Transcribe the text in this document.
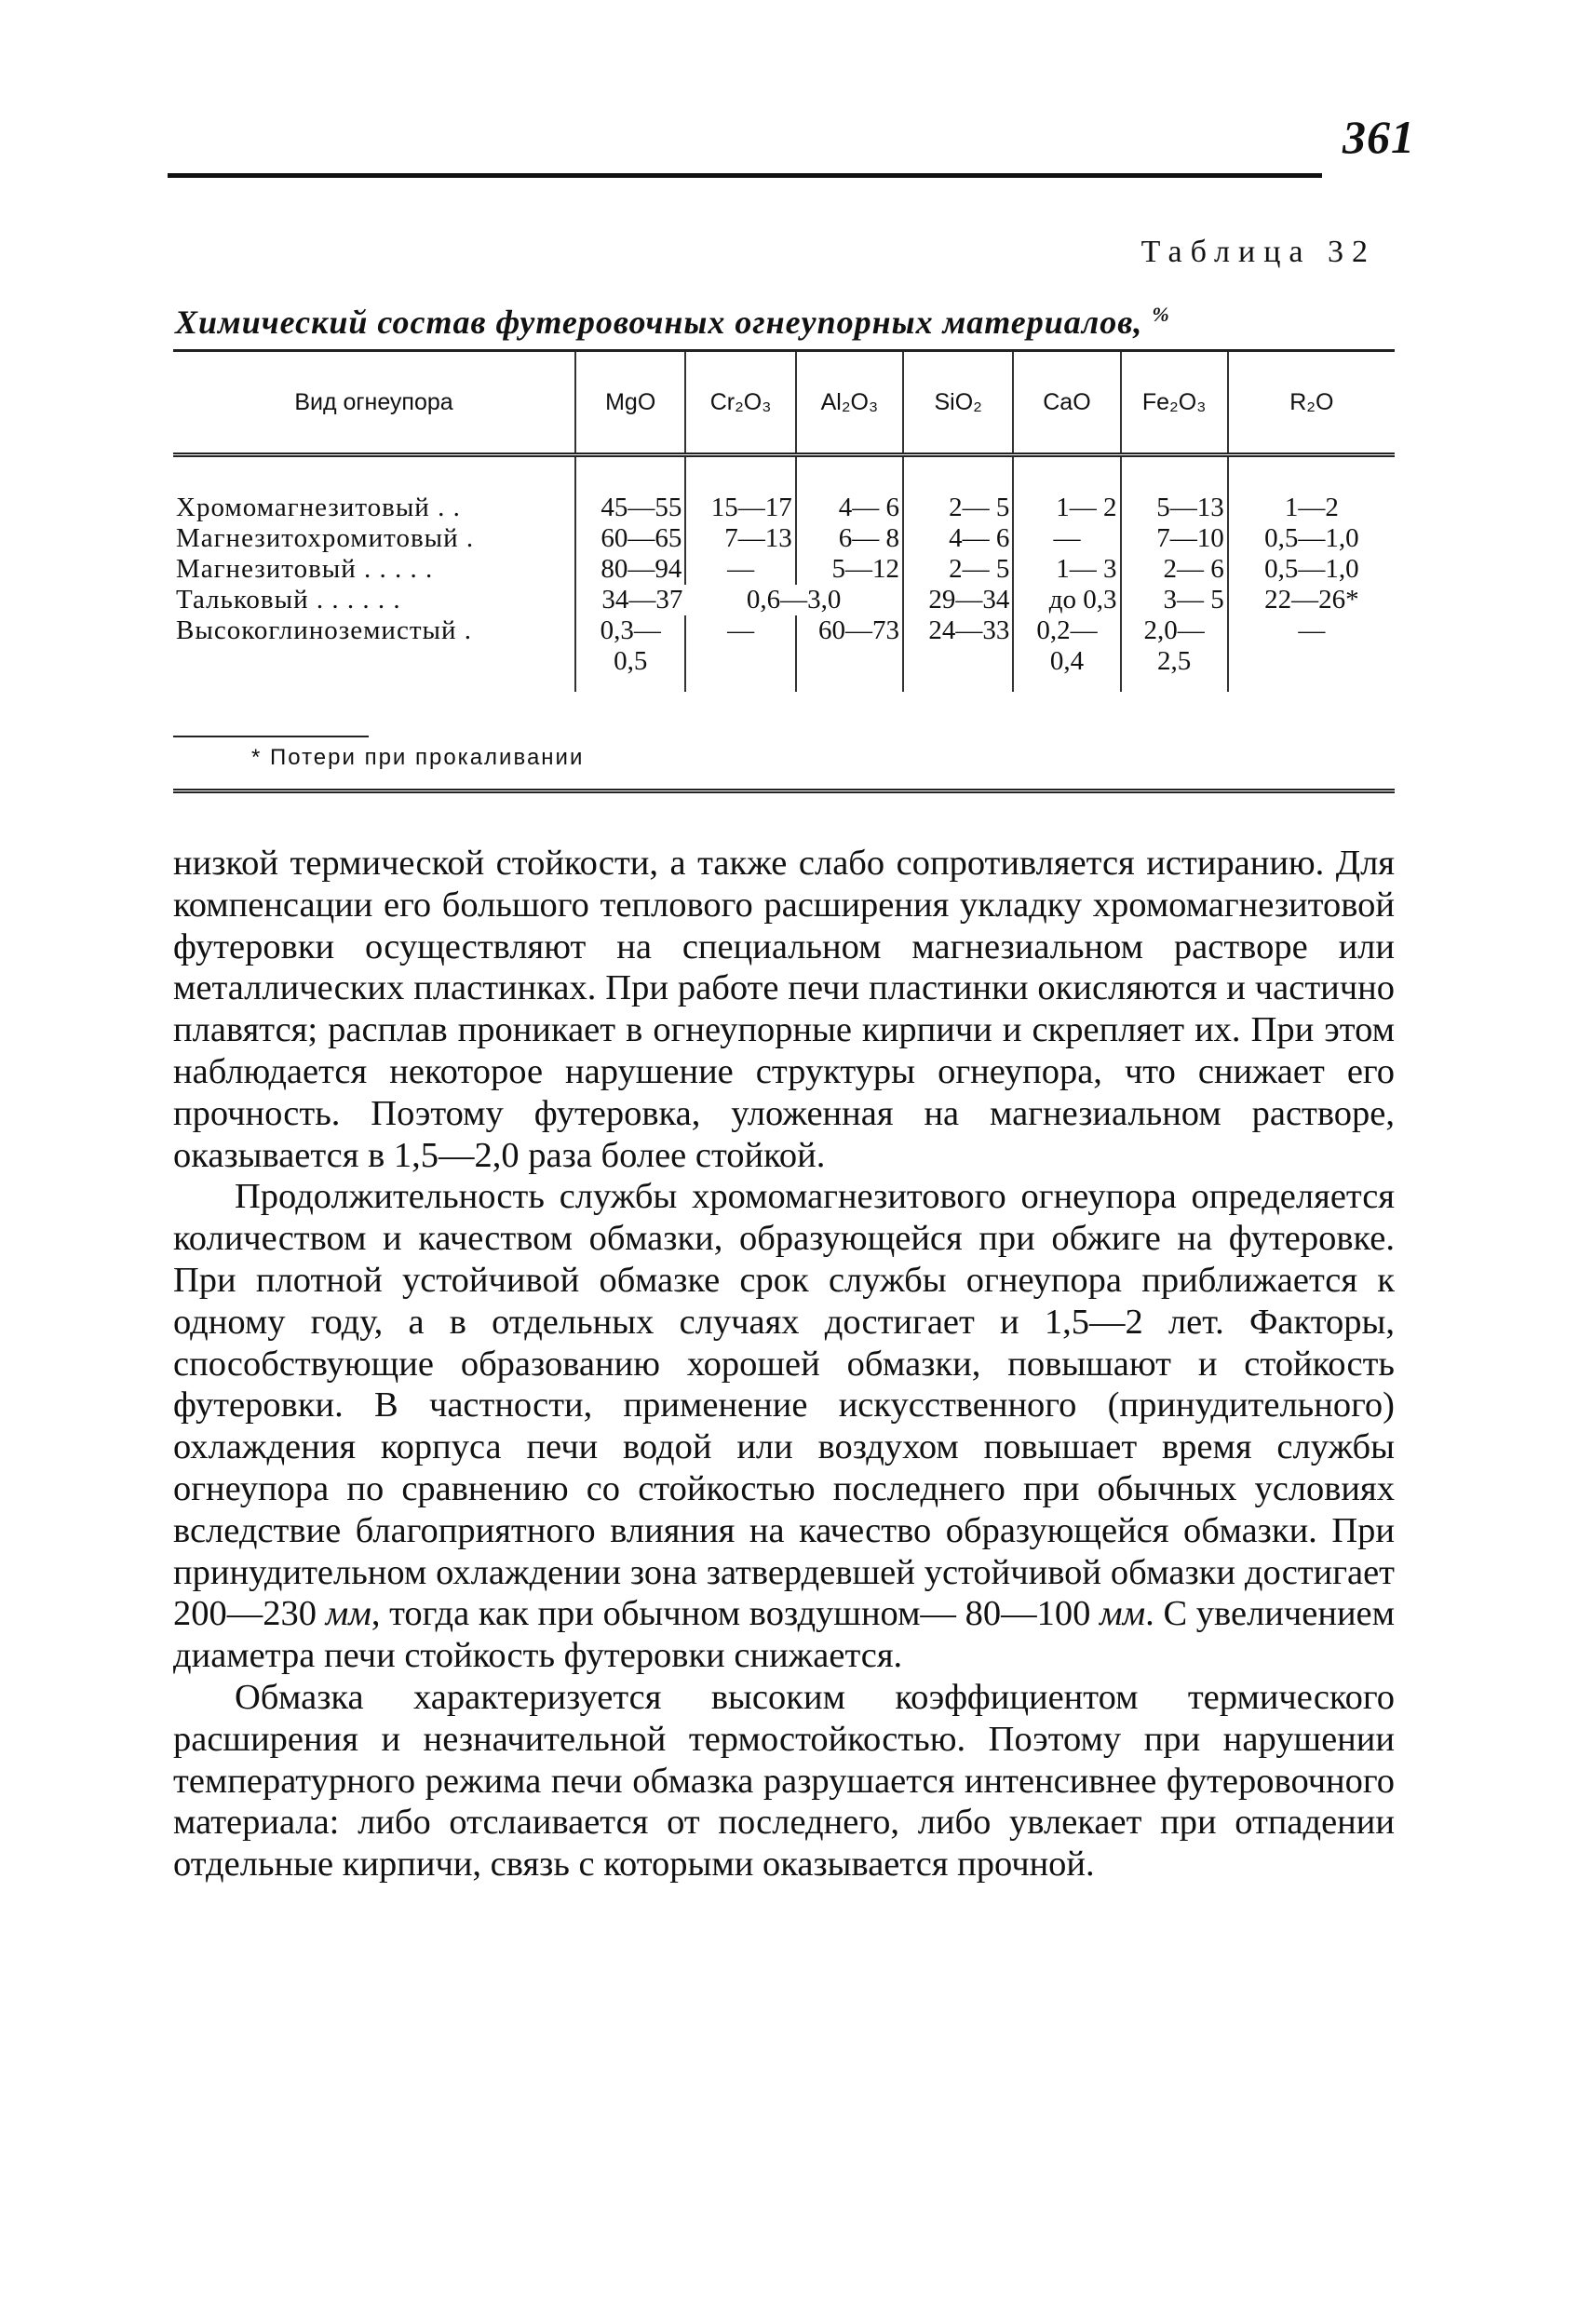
361
Таблица 32
Химический состав футеровочных огнеупорных материалов, %
Вид огнеупора	MgO	Cr₂O₃	Al₂O₃	SiO₂	CaO	Fe₂O₃	R₂O

Хромомагнезитовый . .	45—55	15—17	4— 6	2— 5	1— 2	5—13	1—2
Магнезитохромитовый .	60—65	7—13	6— 8	4— 6	—	7—10	0,5—1,0
Магнезитовый . . . . .	80—94	—	5—12	2— 5	1— 3	2— 6	0,5—1,0
Тальковый . . . . . .	34—37	0,6—3,0		29—34	до 0,3	3— 5	22—26*
Высокоглиноземистый .	0,3—	—	60—73	24—33	0,2—	2,0—	—
	0,5				0,4	2,5	
* Потери при прокаливании

низкой термической стойкости, а также слабо сопротивляется истиранию. Для компенсации его большого теплового расширения укладку хромомагнезитовой футеровки осуществляют на специальном магнезиальном растворе или металлических пластинках. При работе печи пластинки окисляются и частично плавятся; расплав проникает в огнеупорные кирпичи и скрепляет их. При этом наблюдается некоторое нарушение структуры огнеупора, что снижает его прочность. Поэтому футеровка, уложенная на магнезиальном растворе, оказывается в 1,5—2,0 раза более стойкой.

Продолжительность службы хромомагнезитового огнеупора определяется количеством и качеством обмазки, образующейся при обжиге на футеровке. При плотной устойчивой обмазке срок службы огнеупора приближается к одному году, а в отдельных случаях достигает и 1,5—2 лет. Факторы, способствующие образованию хорошей обмазки, повышают и стойкость футеровки. В частности, применение искусственного (принудительного) охлаждения корпуса печи водой или воздухом повышает время службы огнеупора по сравнению со стойкостью последнего при обычных условиях вследствие благоприятного влияния на качество образующейся обмазки. При принудительном охлаждении зона затвердевшей устойчивой обмазки достигает 200—230 мм, тогда как при обычном воздушном— 80—100 мм. С увеличением диаметра печи стойкость футеровки снижается.

Обмазка характеризуется высоким коэффициентом термического расширения и незначительной термостойкостью. Поэтому при нарушении температурного режима печи обмазка разрушается интенсивнее футеровочного материала: либо отслаивается от последнего, либо увлекает при отпадении отдельные кирпичи, связь с которыми оказывается прочной.
